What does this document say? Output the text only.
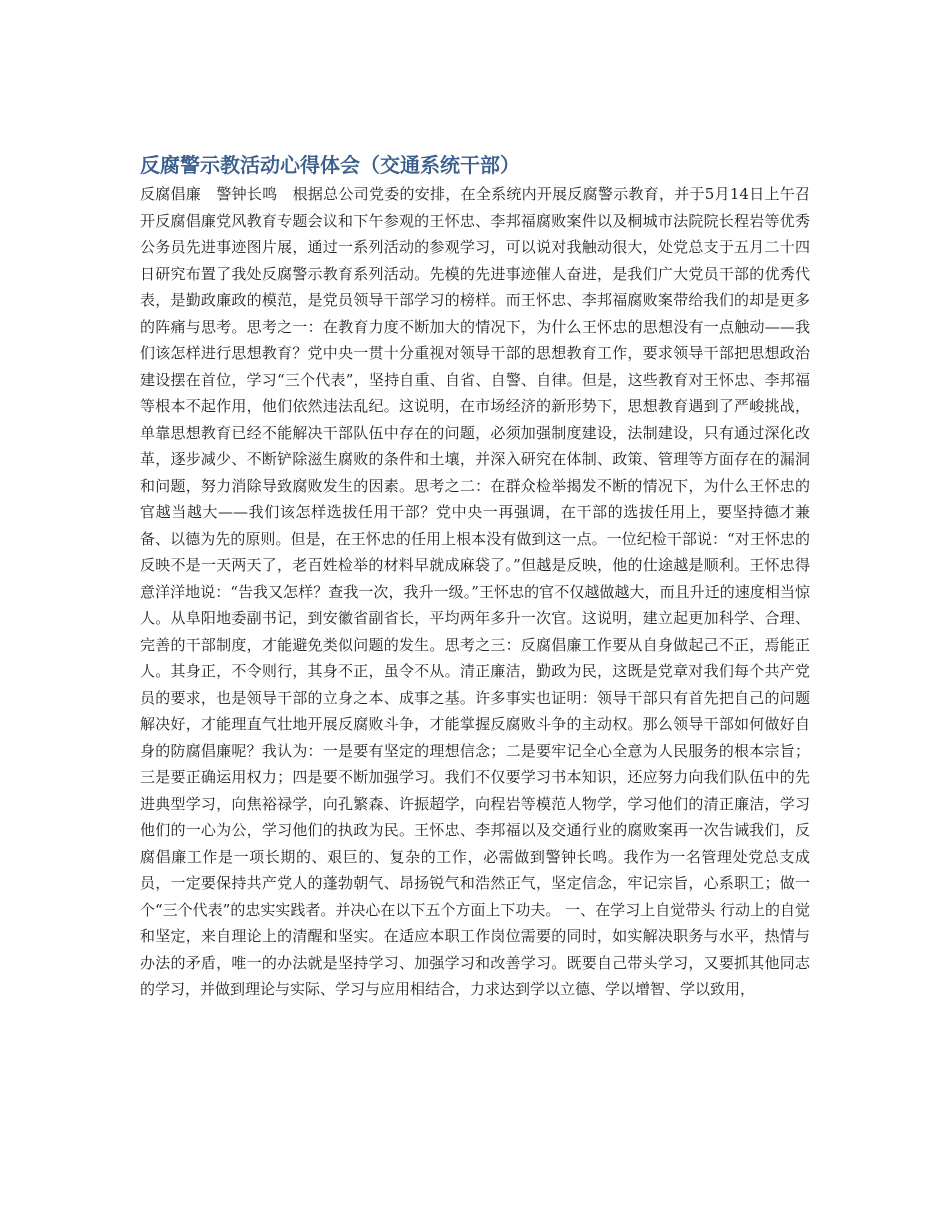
反腐警示教活动心得体会（交通系统干部）

反腐倡廉　警钟长鸣　根据总公司党委的安排，在全系统内开展反腐警示教育，并于5月14日上午召开反腐倡廉党风教育专题会议和下午参观的王怀忠、李邦福腐败案件以及桐城市法院院长程岩等优秀公务员先进事迹图片展，通过一系列活动的参观学习，可以说对我触动很大，处党总支于五月二十四日研究布置了我处反腐警示教育系列活动。先模的先进事迹催人奋进，是我们广大党员干部的优秀代表，是勤政廉政的模范，是党员领导干部学习的榜样。而王怀忠、李邦福腐败案带给我们的却是更多的阵痛与思考。思考之一：在教育力度不断加大的情况下，为什么王怀忠的思想没有一点触动——我们该怎样进行思想教育？党中央一贯十分重视对领导干部的思想教育工作，要求领导干部把思想政治建设摆在首位，学习“三个代表”，坚持自重、自省、自警、自律。但是，这些教育对王怀忠、李邦福等根本不起作用，他们依然违法乱纪。这说明，在市场经济的新形势下，思想教育遇到了严峻挑战，单靠思想教育已经不能解决干部队伍中存在的问题，必须加强制度建设，法制建设，只有通过深化改革，逐步减少、不断铲除滋生腐败的条件和土壤，并深入研究在体制、政策、管理等方面存在的漏洞和问题，努力消除导致腐败发生的因素。思考之二：在群众检举揭发不断的情况下，为什么王怀忠的官越当越大——我们该怎样选拔任用干部？党中央一再强调，在干部的选拔任用上，要坚持德才兼备、以德为先的原则。但是，在王怀忠的任用上根本没有做到这一点。一位纪检干部说：“对王怀忠的反映不是一天两天了，老百姓检举的材料早就成麻袋了。”但越是反映，他的仕途越是顺利。王怀忠得意洋洋地说：“告我又怎样？查我一次，我升一级。”王怀忠的官不仅越做越大，而且升迁的速度相当惊人。从阜阳地委副书记，到安徽省副省长，平均两年多升一次官。这说明，建立起更加科学、合理、完善的干部制度，才能避免类似问题的发生。思考之三：反腐倡廉工作要从自身做起己不正，焉能正人。其身正，不令则行，其身不正，虽令不从。清正廉洁，勤政为民，这既是党章对我们每个共产党员的要求，也是领导干部的立身之本、成事之基。许多事实也证明：领导干部只有首先把自己的问题解决好，才能理直气壮地开展反腐败斗争，才能掌握反腐败斗争的主动权。那么领导干部如何做好自身的防腐倡廉呢？我认为：一是要有坚定的理想信念；二是要牢记全心全意为人民服务的根本宗旨；三是要正确运用权力；四是要不断加强学习。我们不仅要学习书本知识，还应努力向我们队伍中的先进典型学习，向焦裕禄学，向孔繁森、许振超学，向程岩等模范人物学，学习他们的清正廉洁，学习他们的一心为公，学习他们的执政为民。王怀忠、李邦福以及交通行业的腐败案再一次告诫我们，反腐倡廉工作是一项长期的、艰巨的、复杂的工作，必需做到警钟长鸣。我作为一名管理处党总支成员，一定要保持共产党人的蓬勃朝气、昂扬锐气和浩然正气，坚定信念，牢记宗旨，心系职工；做一个“三个代表”的忠实实践者。并决心在以下五个方面上下功夫。 一、在学习上自觉带头 行动上的自觉和坚定，来自理论上的清醒和坚实。在适应本职工作岗位需要的同时，如实解决职务与水平，热情与办法的矛盾，唯一的办法就是坚持学习、加强学习和改善学习。既要自己带头学习，又要抓其他同志的学习，并做到理论与实际、学习与应用相结合，力求达到学以立德、学以增智、学以致用，
